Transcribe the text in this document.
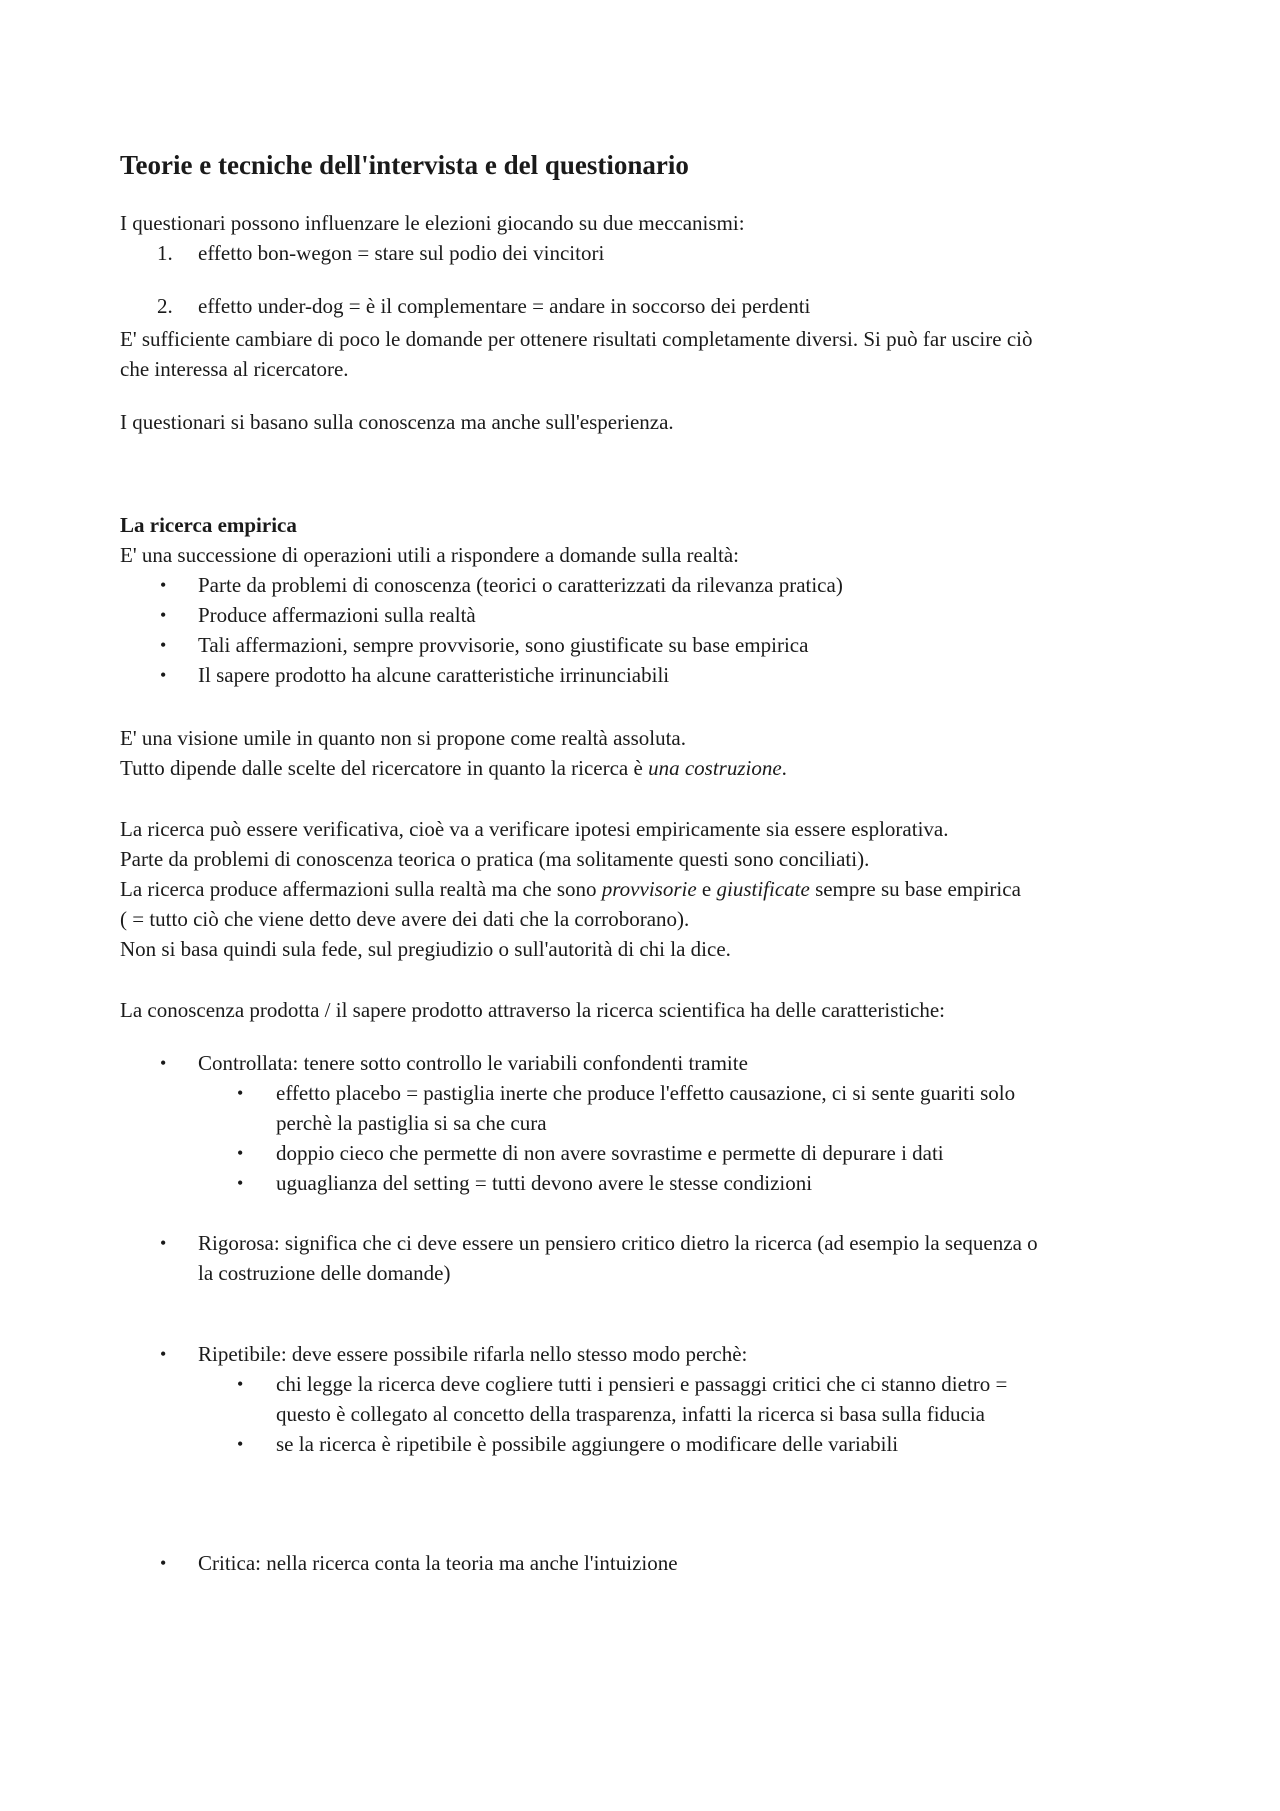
Teorie e tecniche dell'intervista e del questionario

I questionari possono influenzare le elezioni giocando su due meccanismi:

1. effetto bon-wegon = stare sul podio dei vincitori

2. effetto under-dog = è il complementare = andare in soccorso dei perdenti

E' sufficiente cambiare di poco le domande per ottenere risultati completamente diversi. Si può far uscire ciò

che interessa al ricercatore.

I questionari si basano sulla conoscenza ma anche sull'esperienza.

La ricerca empirica

E' una successione di operazioni utili a rispondere a domande sulla realtà:

• Parte da problemi di conoscenza (teorici o caratterizzati da rilevanza pratica)

• Produce affermazioni sulla realtà

• Tali affermazioni, sempre provvisorie, sono giustificate su base empirica

• Il sapere prodotto ha alcune caratteristiche irrinunciabili

E' una visione umile in quanto non si propone come realtà assoluta.

Tutto dipende dalle scelte del ricercatore in quanto la ricerca è una costruzione.

La ricerca può essere verificativa, cioè va a verificare ipotesi empiricamente sia essere esplorativa.

Parte da problemi di conoscenza teorica o pratica (ma solitamente questi sono conciliati).

La ricerca produce affermazioni sulla realtà ma che sono provvisorie e giustificate sempre su base empirica

( = tutto ciò che viene detto deve avere dei dati che la corroborano).

Non si basa quindi sula fede, sul pregiudizio o sull'autorità di chi la dice.

La conoscenza prodotta / il sapere prodotto attraverso la ricerca scientifica ha delle caratteristiche:

• Controllata: tenere sotto controllo le variabili confondenti tramite

• effetto placebo = pastiglia inerte che produce l'effetto causazione, ci si sente guariti solo

perchè la pastiglia si sa che cura

• doppio cieco che permette di non avere sovrastime e permette di depurare i dati

• uguaglianza del setting = tutti devono avere le stesse condizioni

• Rigorosa: significa che ci deve essere un pensiero critico dietro la ricerca (ad esempio la sequenza o

la costruzione delle domande)

• Ripetibile: deve essere possibile rifarla nello stesso modo perchè:

• chi legge la ricerca deve cogliere tutti i pensieri e passaggi critici che ci stanno dietro =

questo è collegato al concetto della trasparenza, infatti la ricerca si basa sulla fiducia

• se la ricerca è ripetibile è possibile aggiungere o modificare delle variabili

• Critica: nella ricerca conta la teoria ma anche l'intuizione
